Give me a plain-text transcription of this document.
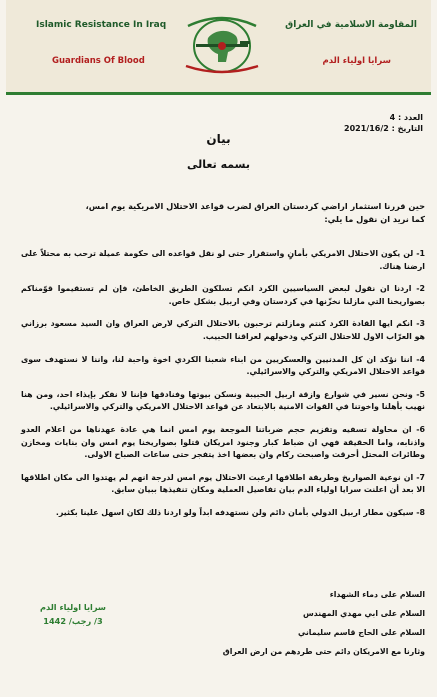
Islamic Resistance In Iraq	المقاومة الاسلامية في العراق
Guardians Of Blood	سرايا اولياء الدم
العدد : 4
التاريخ : 2021/16/2
بيان
بسمه تعالى
حين قررنا استثمار اراضي كردستان العراق لضرب قواعد الاحتلال الامريكية يوم امس،
كما نريد ان نقول ما يلي:
1- لن يكون الاحتلال الامريكي بأمانٍ واستقرار حتى لو نقل قواعده الى حكومة عميلة ترحب به محتلاً على ارضنا هناك.
2- اردنا ان نقول لبعض السياسيين الكرد انكم تسلكون الطريق الخاطئ، فإن لم تستقيموا قوّمناكم بصواريخنا التي مازلنا نخزّنها في كردستان وفي اربيل بشكل خاص.
3- انكم ايها القادة الكرد كنتم ومازلتم ترحبون بالاحتلال التركي لارض العراق وان السيد مسعود برزاني هو العرّاب الاول للاحتلال التركي ودخولهم لعراقنا الحبيب.
4- اننا نؤكد ان كل المدنيين والعسكريين من ابناء شعبنا الكردي اخوة واحبة لنا، واننا لا نستهدف سوى قواعد الاحتلال الامريكي والتركي والاسرائيلي.
5- ونحن نسير في شوارع وازقة اربيل الحبيبة ونسكن بيوتها وفنادقها فإننا لا نفكر بإيذاء احد، ومن هنا نهيب بأهلنا واخوتنا في القوات الامنية بالابتعاد عن قواعد الاحتلال الامريكي والتركي والاسرائيلي.
6- ان محاولة تسفيه وتقزيم حجم ضرباتنا الموجعة يوم امس انما هي عادة عهدناها من اعلام العدو واذنابه، واما الحقيقة فهي ان ضباط كبار وجنود امريكان قتلوا بصواريخنا يوم امس وان بنايات ومخازن وطائرات المحتل أحرقت واصبحت ركام وان بعضها اخذ يتفجر حتى ساعات الصباح الاولى.
7- ان نوعية الصواريخ وطريقة اطلاقها ارعبت الاحتلال يوم امس لدرجة انهم لم يهتدوا الى مكان اطلاقها الا بعد أن اعلنت سرايا اولياء الدم بيان تفاصيل العملية ومكان تنفيذها ببيان سابق.
8- سيكون مطار اربيل الدولي بأمان دائم ولن نستهدفه ابداً ولو اردنا ذلك لكان اسهل علينا بكثير.
السلام على دماء الشهداء
السلام على ابي مهدي المهندس
السلام على الحاج قاسم سليماني
وثارنا مع الامريكان دائم حتى طردهم من ارض العراق
سرايا اولياء الدم
3/ رجب/ 1442
